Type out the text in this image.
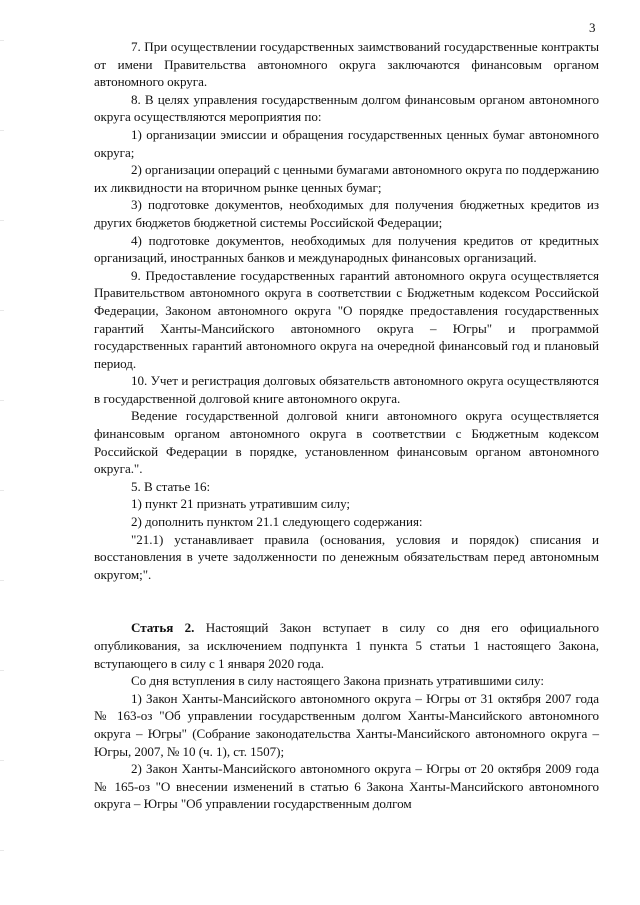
3

7. При осуществлении государственных заимствований государственные контракты от имени Правительства автономного округа заключаются финансовым органом автономного округа.

8. В целях управления государственным долгом финансовым органом автономного округа осуществляются мероприятия по:

1) организации эмиссии и обращения государственных ценных бумаг автономного округа;

2) организации операций с ценными бумагами автономного округа по поддержанию их ликвидности на вторичном рынке ценных бумаг;

3) подготовке документов, необходимых для получения бюджетных кредитов из других бюджетов бюджетной системы Российской Федерации;

4) подготовке документов, необходимых для получения кредитов от кредитных организаций, иностранных банков и международных финансовых организаций.

9. Предоставление государственных гарантий автономного округа осуществляется Правительством автономного округа в соответствии с Бюджетным кодексом Российской Федерации, Законом автономного округа "О порядке предоставления государственных гарантий Ханты-Мансийского автономного округа – Югры" и программой государственных гарантий автономного округа на очередной финансовый год и плановый период.

10. Учет и регистрация долговых обязательств автономного округа осуществляются в государственной долговой книге автономного округа.

Ведение государственной долговой книги автономного округа осуществляется финансовым органом автономного округа в соответствии с Бюджетным кодексом Российской Федерации в порядке, установленном финансовым органом автономного округа.".

5. В статье 16:

1) пункт 21 признать утратившим силу;

2) дополнить пунктом 21.1 следующего содержания:

"21.1) устанавливает правила (основания, условия и порядок) списания и восстановления в учете задолженности по денежным обязательствам перед автономным округом;".

Статья 2. Настоящий Закон вступает в силу со дня его официального опубликования, за исключением подпункта 1 пункта 5 статьи 1 настоящего Закона, вступающего в силу с 1 января 2020 года.

Со дня вступления в силу настоящего Закона признать утратившими силу:

1) Закон Ханты-Мансийского автономного округа – Югры от 31 октября 2007 года № 163-оз "Об управлении государственным долгом Ханты-Мансийского автономного округа – Югры" (Собрание законодательства Ханты-Мансийского автономного округа – Югры, 2007, № 10 (ч. 1), ст. 1507);

2) Закон Ханты-Мансийского автономного округа – Югры от 20 октября 2009 года № 165-оз "О внесении изменений в статью 6 Закона Ханты-Мансийского автономного округа – Югры "Об управлении государственным долгом
